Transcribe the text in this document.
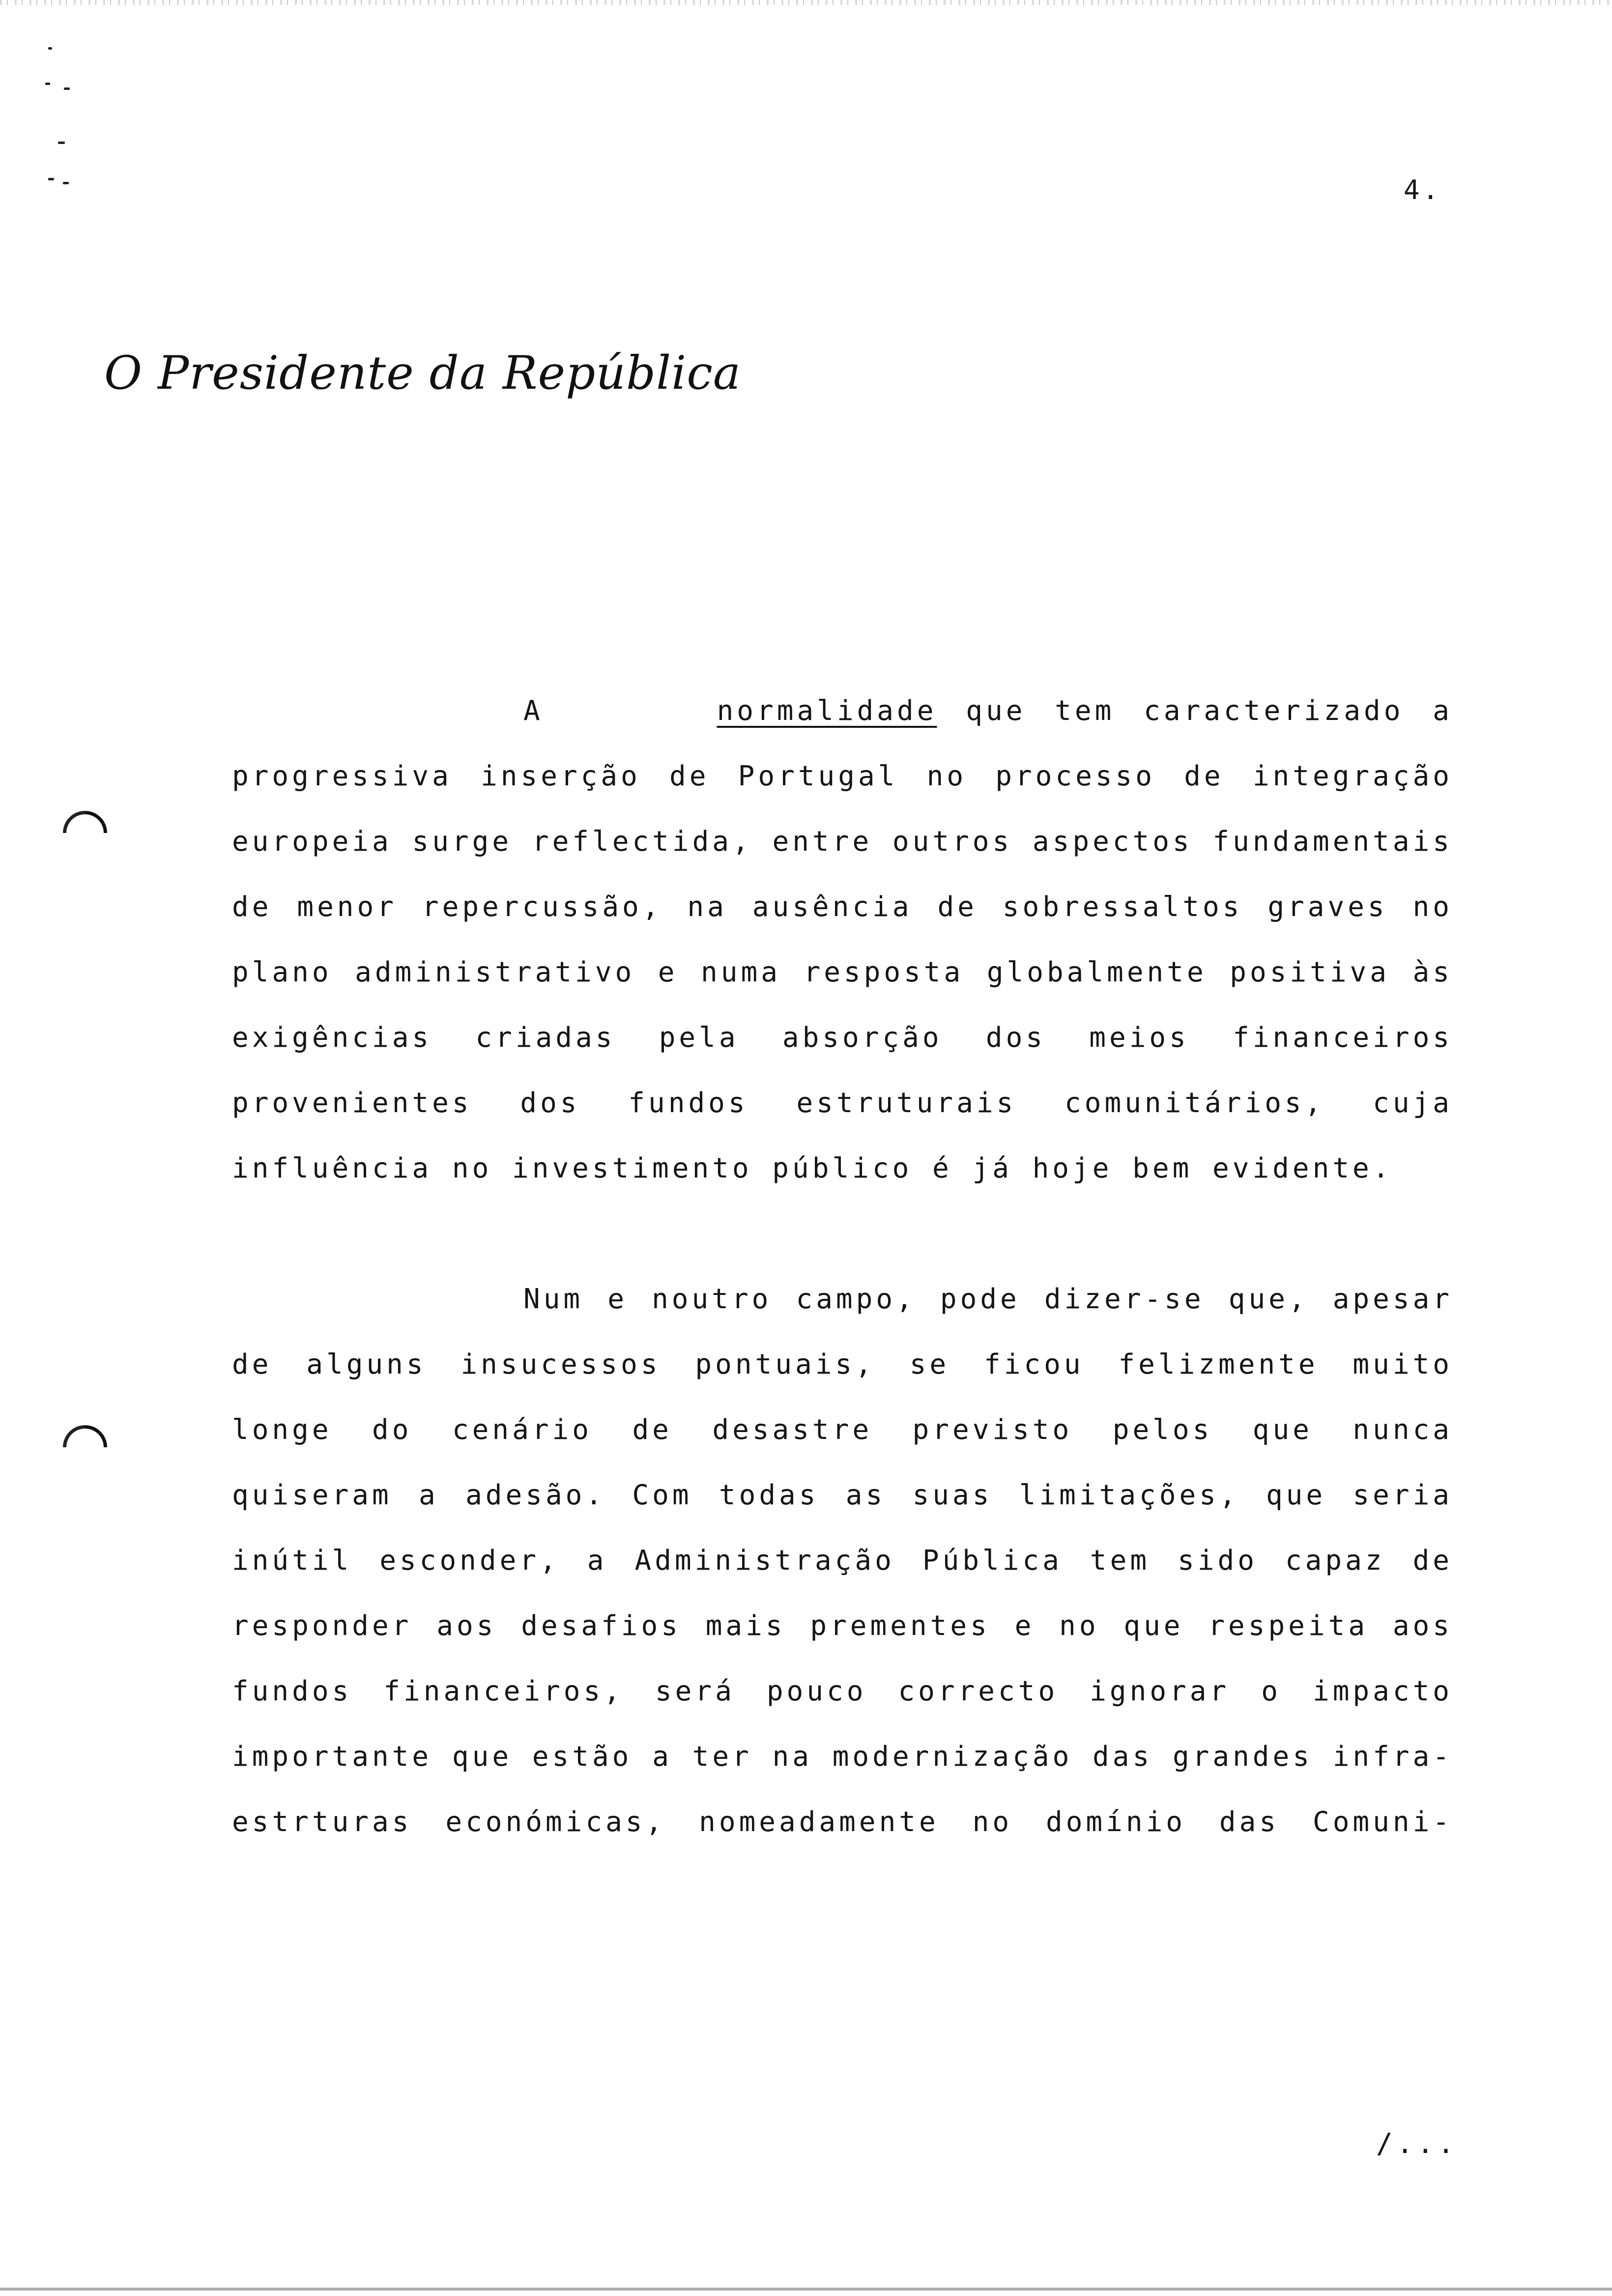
4.
O Presidente da República

A	normalidade que tem caracterizado a progressiva inserção de Portugal no processo de integração europeia surge reflectida, entre outros aspectos fundamentais de menor repercussão, na ausência de sobressaltos graves no plano administrativo e numa resposta globalmente positiva às exigências criadas pela absorção dos meios financeiros provenientes dos fundos estruturais comunitários, cuja influência no investimento público é já hoje bem evidente.

Num e noutro campo, pode dizer-se que, apesar de alguns insucessos pontuais, se ficou felizmente muito longe do cenário de desastre previsto pelos que nunca quiseram a adesão. Com todas as suas limitações, que seria inútil esconder, a Administração Pública tem sido capaz de responder aos desafios mais prementes e no que respeita aos fundos financeiros, será pouco correcto ignorar o impacto importante que estão a ter na modernização das grandes infra-estrturas económicas, nomeadamente no domínio das Comuni-

/...
